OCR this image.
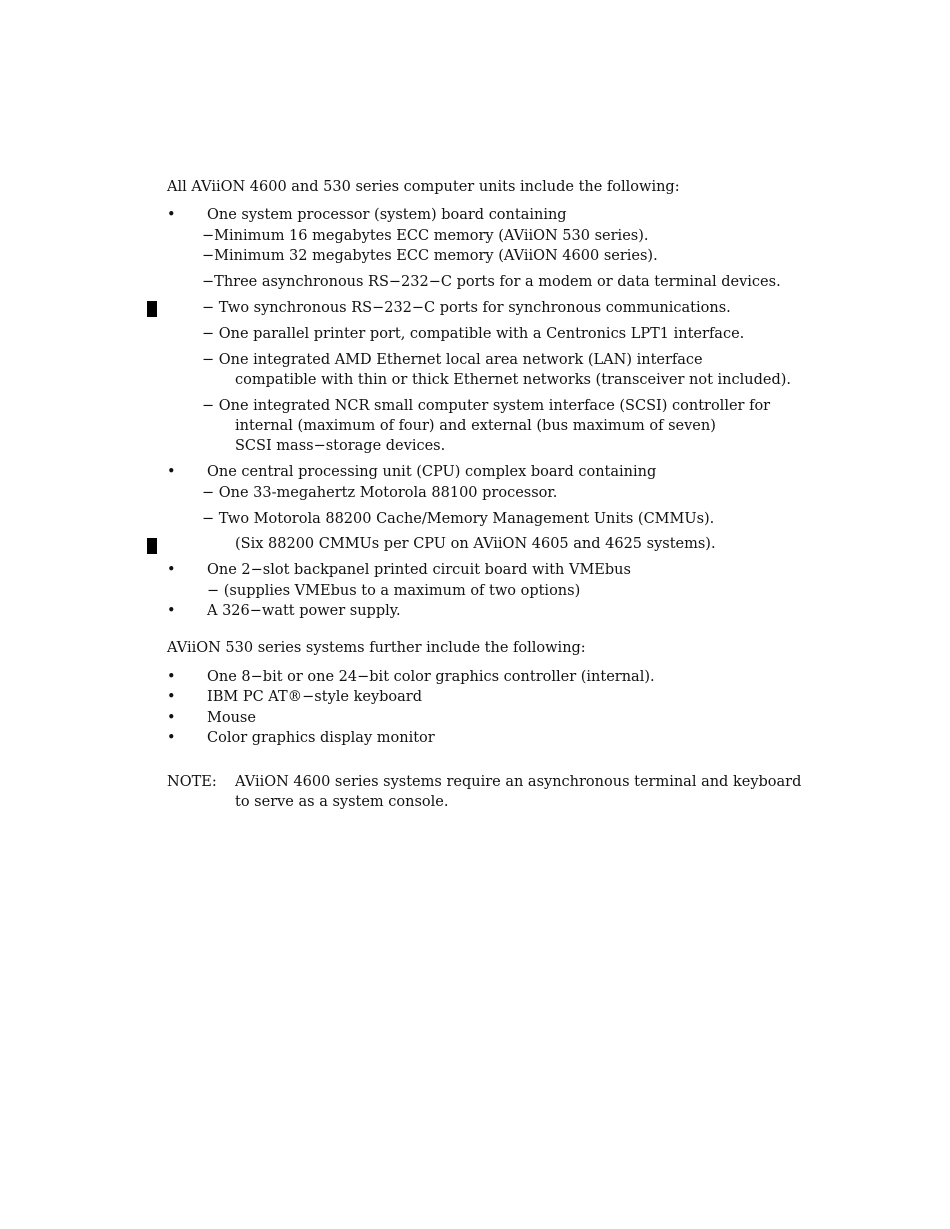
All AViiON 4600 and 530 series computer units include the following:
• One system processor (system) board containing
−Minimum 16 megabytes ECC memory (AViiON 530 series).
−Minimum 32 megabytes ECC memory (AViiON 4600 series).
−Three asynchronous RS−232−C ports for a modem or data terminal devices.
− Two synchronous RS−232−C ports for synchronous communications.
− One parallel printer port, compatible with a Centronics LPT1 interface.
− One integrated AMD Ethernet local area network (LAN) interface
compatible with thin or thick Ethernet networks (transceiver not included).
− One integrated NCR small computer system interface (SCSI) controller for
internal (maximum of four) and external (bus maximum of seven)
SCSI mass−storage devices.
• One central processing unit (CPU) complex board containing
− One 33-megahertz Motorola 88100 processor.
− Two Motorola 88200 Cache/Memory Management Units (CMMUs).
(Six 88200 CMMUs per CPU on AViiON 4605 and 4625 systems).
• One 2−slot backpanel printed circuit board with VMEbus
− (supplies VMEbus to a maximum of two options)
• A 326−watt power supply.
AViiON 530 series systems further include the following:
• One 8−bit or one 24−bit color graphics controller (internal).
• IBM PC AT®−style keyboard
• Mouse
• Color graphics display monitor
NOTE: AViiON 4600 series systems require an asynchronous terminal and keyboard
to serve as a system console.
